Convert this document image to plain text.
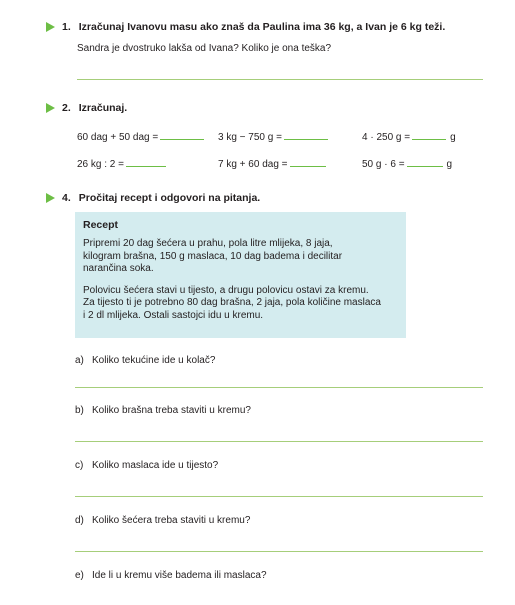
1. Izračunaj Ivanovu masu ako znaš da Paulina ima 36 kg, a Ivan je 6 kg teži.
Sandra je dvostruko lakša od Ivana? Koliko je ona teška?
2. Izračunaj.
60 dag + 50 dag =	3 kg − 750 g =	4 · 250 g =	g
26 kg : 2 =	7 kg + 60 dag =	50 g · 6 =	g
4. Pročitaj recept i odgovori na pitanja.
Recept

Pripremi 20 dag šećera u prahu, pola litre mlijeka, 8 jaja,
kilogram brašna, 150 g maslaca, 10 dag badema i decilitar
naran​čina soka.

Polovicu šećera stavi u tijesto, a drugu polovicu ostavi za kremu.
Za tijesto ti je potrebno 80 dag brašna, 2 jaja, pola količine maslaca
i 2 dl mlijeka. Ostali sastojci idu u kremu.

a) Koliko tekućine ide u kolač?
b) Koliko brašna treba staviti u kremu?
c) Koliko maslaca ide u tijesto?
d) Koliko šećera treba staviti u kremu?
e) Ide li u kremu više badema ili maslaca?
